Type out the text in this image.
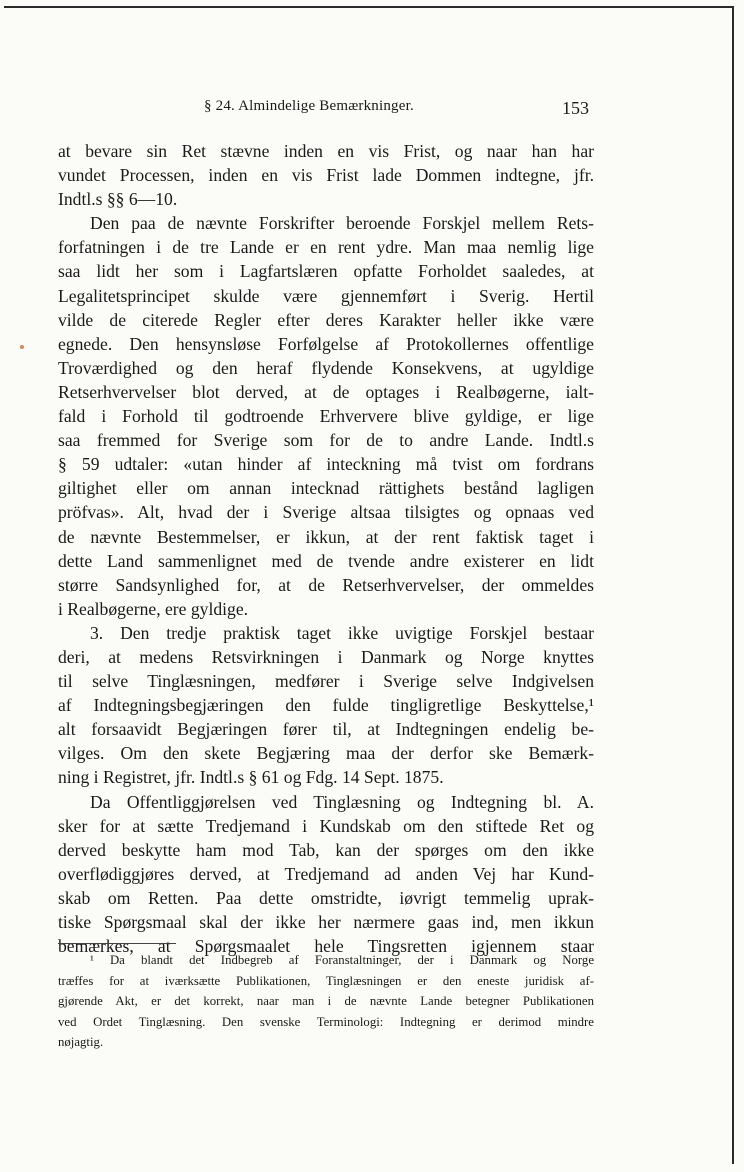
§ 24. Almindelige Bemærkninger.	153
at bevare sin Ret stævne inden en vis Frist, og naar han har
vundet Processen, inden en vis Frist lade Dommen indtegne, jfr.
Indtl.s §§ 6—10.
Den paa de nævnte Forskrifter beroende Forskjel mellem Rets-
forfatningen i de tre Lande er en rent ydre. Man maa nemlig lige
saa lidt her som i Lagfartslæren opfatte Forholdet saaledes, at
Legalitetsprincipet skulde være gjennemført i Sverig. Hertil
vilde de citerede Regler efter deres Karakter heller ikke være
egnede. Den hensynsløse Forfølgelse af Protokollernes offentlige
Troværdighed og den heraf flydende Konsekvens, at ugyldige
Retserhvervelser blot derved, at de optages i Realbøgerne, ialt-
fald i Forhold til godtroende Erhververe blive gyldige, er lige
saa fremmed for Sverige som for de to andre Lande. Indtl.s
§ 59 udtaler: «utan hinder af inteckning må tvist om fordrans
giltighet eller om annan intecknad rättighets bestånd lagligen
pröfvas». Alt, hvad der i Sverige altsaa tilsigtes og opnaas ved
de nævnte Bestemmelser, er ikkun, at der rent faktisk taget i
dette Land sammenlignet med de tvende andre existerer en lidt
større Sandsynlighed for, at de Retserhvervelser, der ommeldes
i Realbøgerne, ere gyldige.
3. Den tredje praktisk taget ikke uvigtige Forskjel bestaar
deri, at medens Retsvirkningen i Danmark og Norge knyttes
til selve Tinglæsningen, medfører i Sverige selve Indgivelsen
af Indtegningsbegjæringen den fulde tingligretlige Beskyttelse,¹
alt forsaavidt Begjæringen fører til, at Indtegningen endelig be-
vilges. Om den skete Begjæring maa der derfor ske Bemærk-
ning i Registret, jfr. Indtl.s § 61 og Fdg. 14 Sept. 1875.
Da Offentliggjørelsen ved Tinglæsning og Indtegning bl. A.
sker for at sætte Tredjemand i Kundskab om den stiftede Ret og
derved beskytte ham mod Tab, kan der spørges om den ikke
overflødiggjøres derved, at Tredjemand ad anden Vej har Kund-
skab om Retten. Paa dette omstridte, iøvrigt temmelig uprak-
tiske Spørgsmaal skal der ikke her nærmere gaas ind, men ikkun
bemærkes, at Spørgsmaalet hele Tingsretten igjennem staar
¹ Da blandt det Indbegreb af Foranstaltninger, der i Danmark og Norge
træffes for at iværksætte Publikationen, Tinglæsningen er den eneste juridisk af-
gjørende Akt, er det korrekt, naar man i de nævnte Lande betegner Publikationen
ved Ordet Tinglæsning. Den svenske Terminologi: Indtegning er derimod mindre
nøjagtig.
